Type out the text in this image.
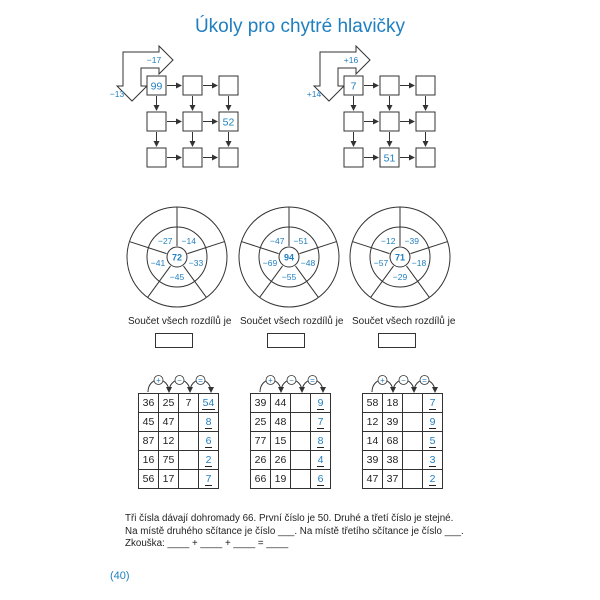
Úkoly pro chytré hlavičky
−17
−13
99
52
+16
+14
7
51
72
−27 −14
−33
−45
−41
94
−47 −51
−48
−55
−69
71
−12 −39
−18
−29
−57
Součet všech rozdílů je Součet všech rozdílů je Součet všech rozdílů je
+ − =	+ − =	+ − =
36	25	7	54
45	47		8
87	12		6
16	75		2
56	17		7
39	44		9
25	48		7
77	15		8
26	26		4
66	19		6
58	18		7
12	39		9
14	68		5
39	38		3
47	37		2
Tři čísla dávají dohromady 66. První číslo je 50. Druhé a třetí číslo je stejné.
Na místě druhého sčítance je číslo ___. Na místě třetího sčítance je číslo ___.
Zkouška: ____ + ____ + ____ = ____
(40)
